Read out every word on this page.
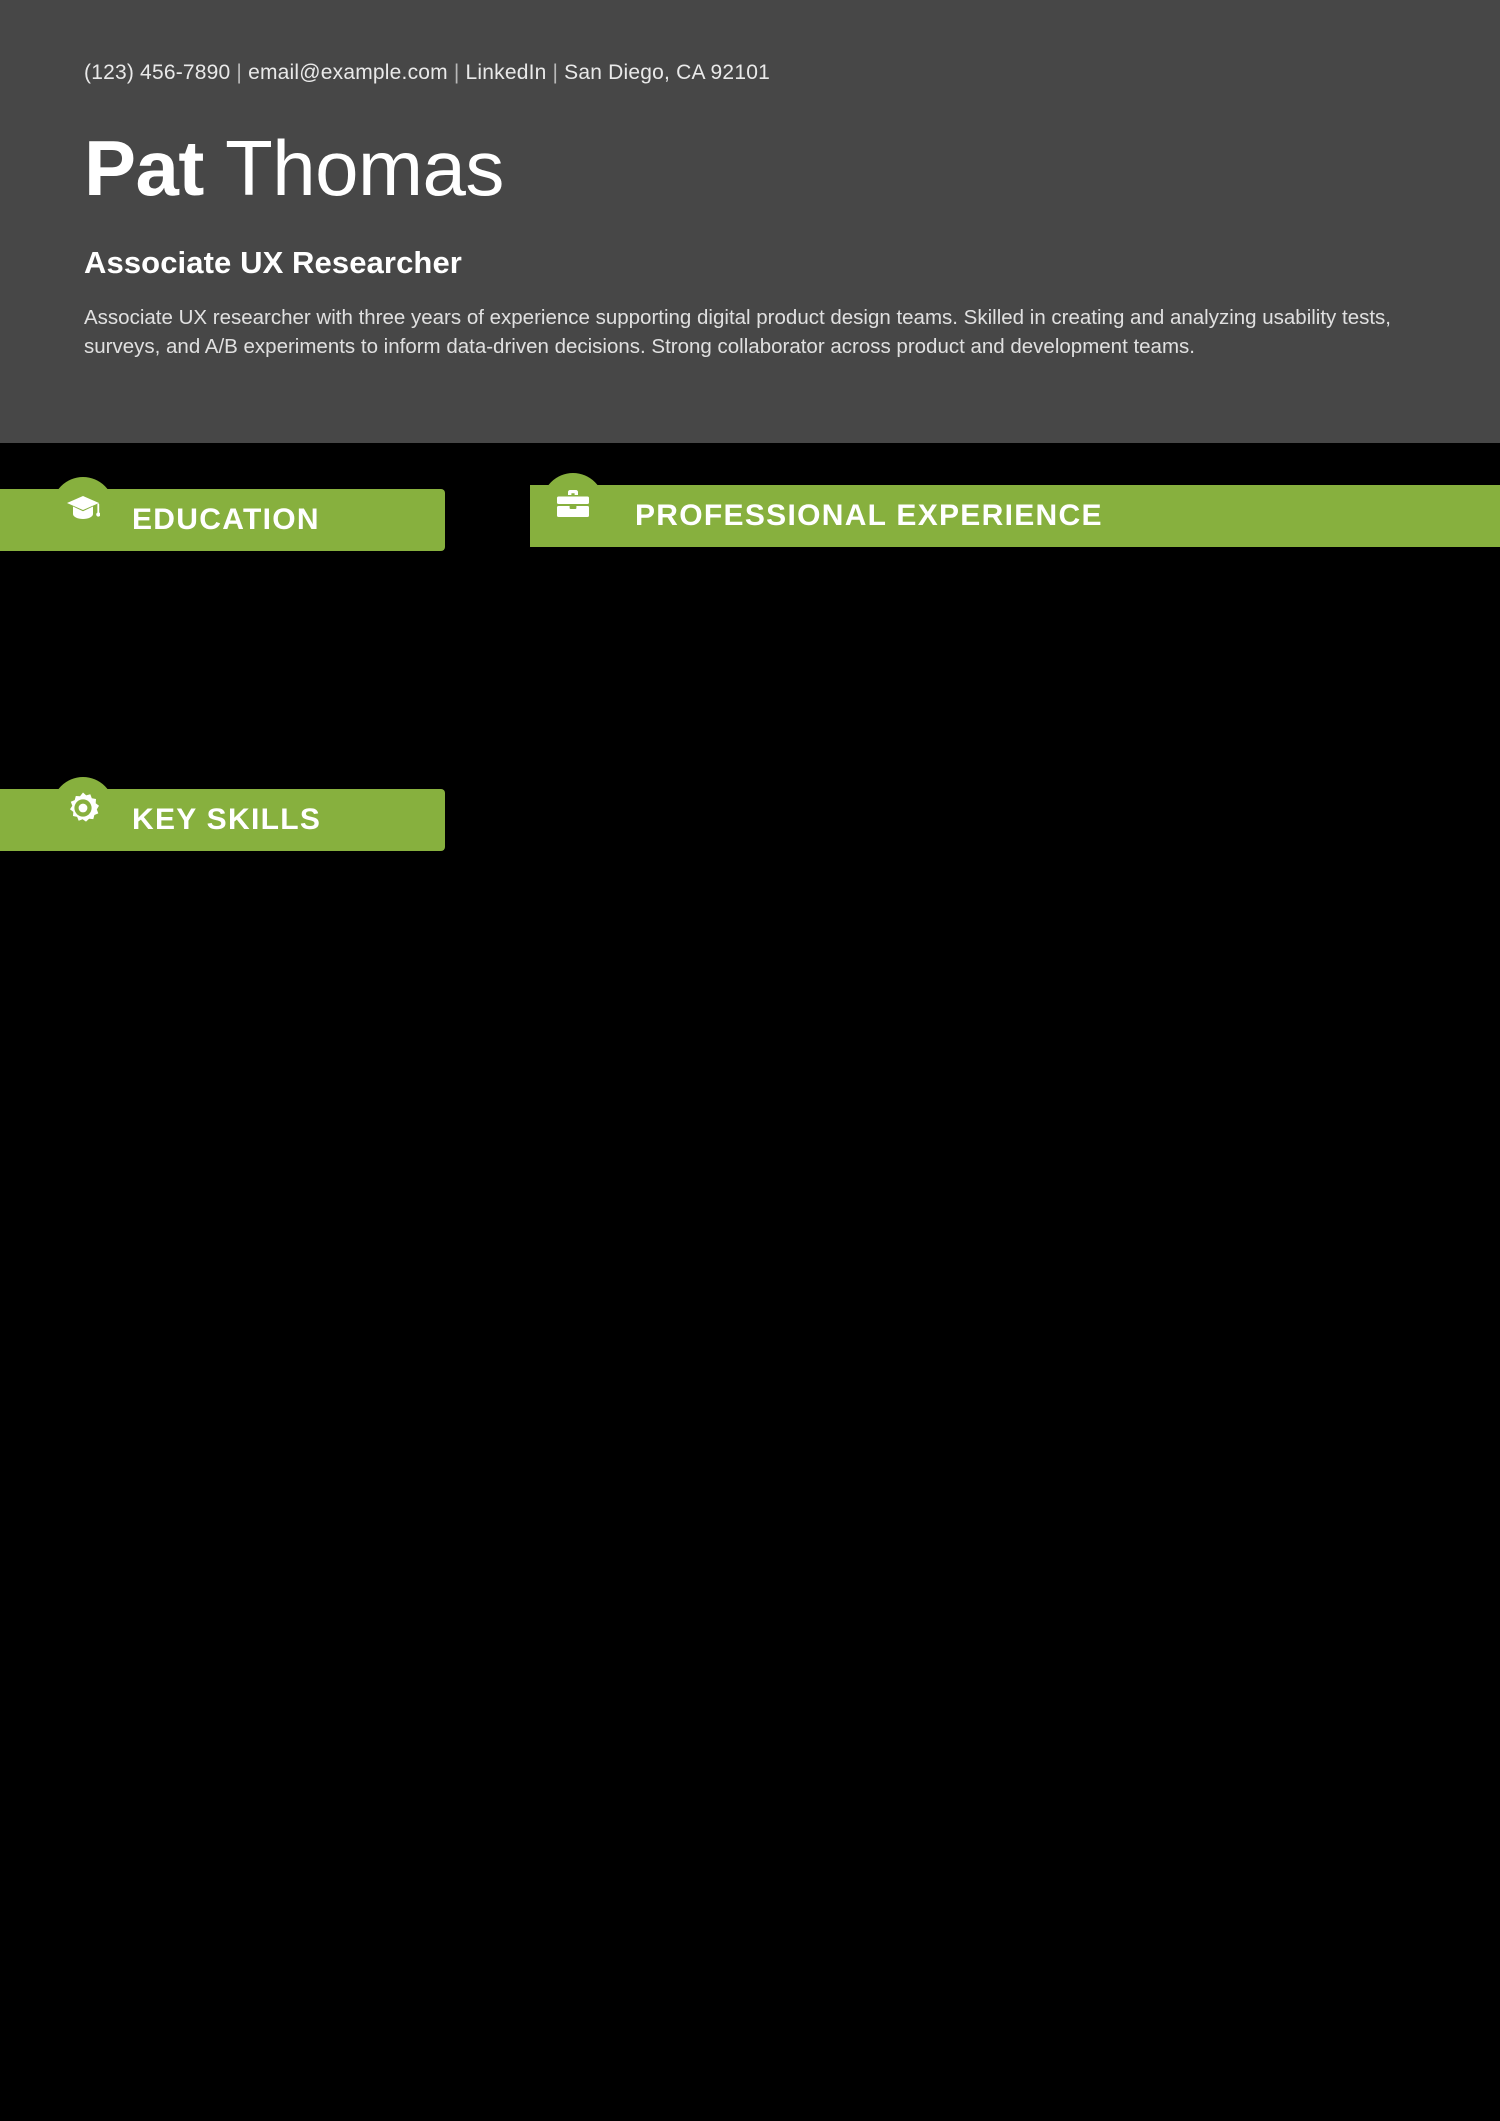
(123) 456-7890 | email@example.com | LinkedIn | San Diego, CA 92101
Pat Thomas
Associate UX Researcher
Associate UX researcher with three years of experience supporting digital product design teams. Skilled in creating and analyzing usability tests, surveys, and A/B experiments to inform data-driven decisions. Strong collaborator across product and development teams.
EDUCATION	PROFESSIONAL EXPERIENCE
KEY SKILLS
